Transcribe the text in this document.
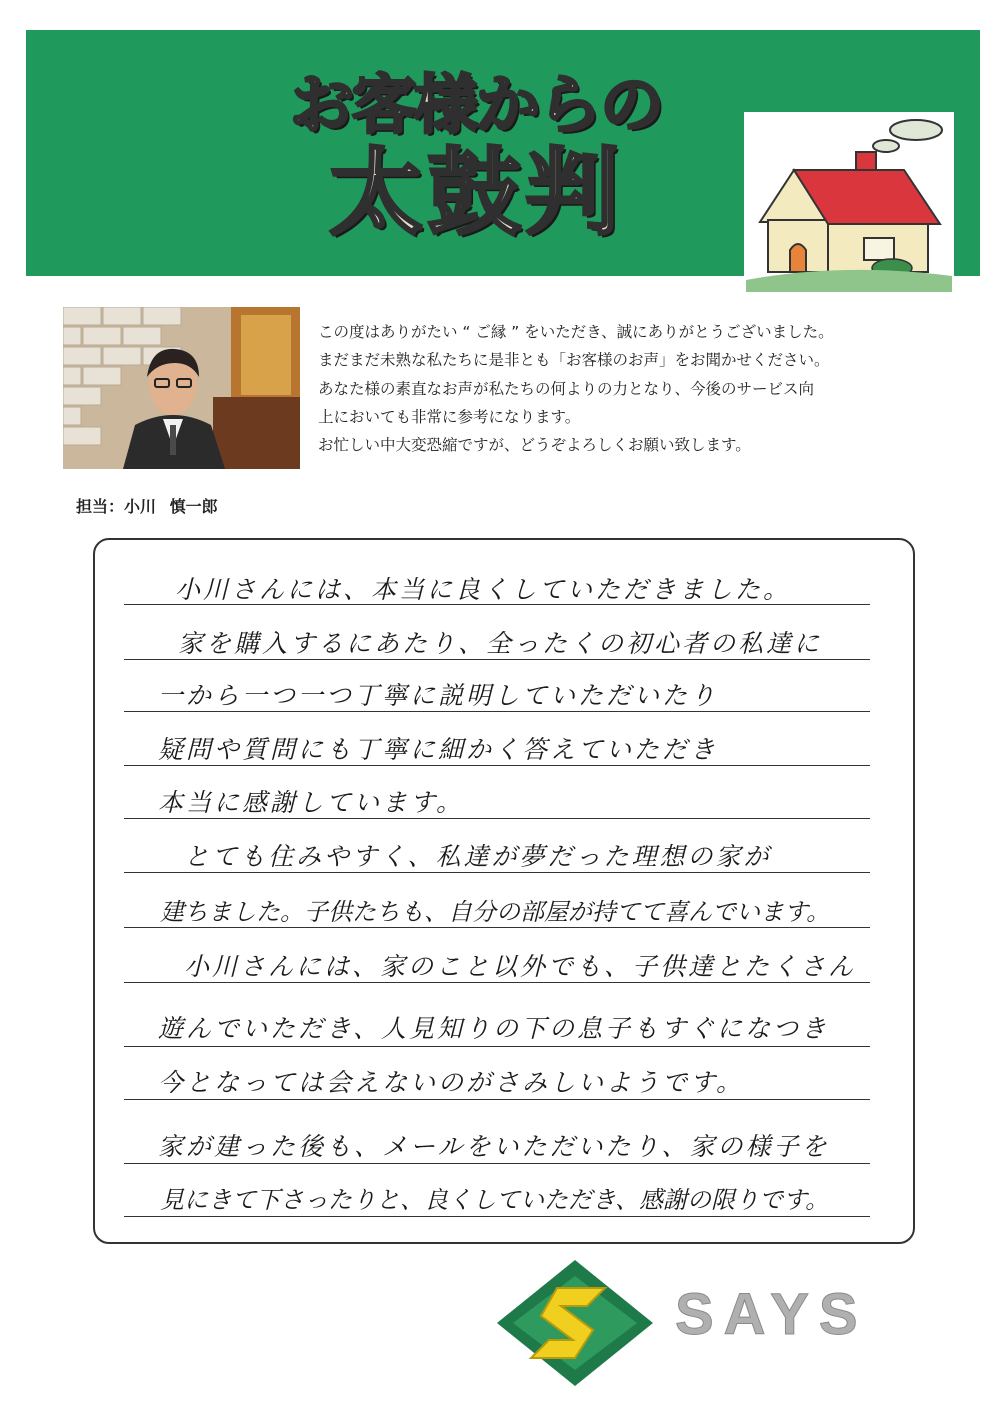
お客様からの
太鼓判
担当：小川 慎一郎

この度はありがたい “ ご縁 ” をいただき、誠にありがとうございました。

まだまだ未熟な私たちに是非とも「お客様のお声」をお聞かせください。

あなた様の素直なお声が私たちの何よりの力となり、今後のサービス向

上においても非常に参考になります。

お忙しい中大変恐縮ですが、どうぞよろしくお願い致します。

小川さんには、本当に良くしていただきました。
家を購入するにあたり、全ったくの初心者の私達に
一から一つ一つ丁寧に説明していただいたり
疑問や質問にも丁寧に細かく答えていただき
本当に感謝しています。
とても住みやすく、私達が夢だった理想の家が
建ちました。子供たちも、自分の部屋が持てて喜んでいます。
小川さんには、家のこと以外でも、子供達とたくさん
遊んでいただき、人見知りの下の息子もすぐになつき
今となっては会えないのがさみしいようです。
家が建った後も、メールをいただいたり、家の様子を
見にきて下さったりと、良くしていただき、感謝の限りです。
SAYS
